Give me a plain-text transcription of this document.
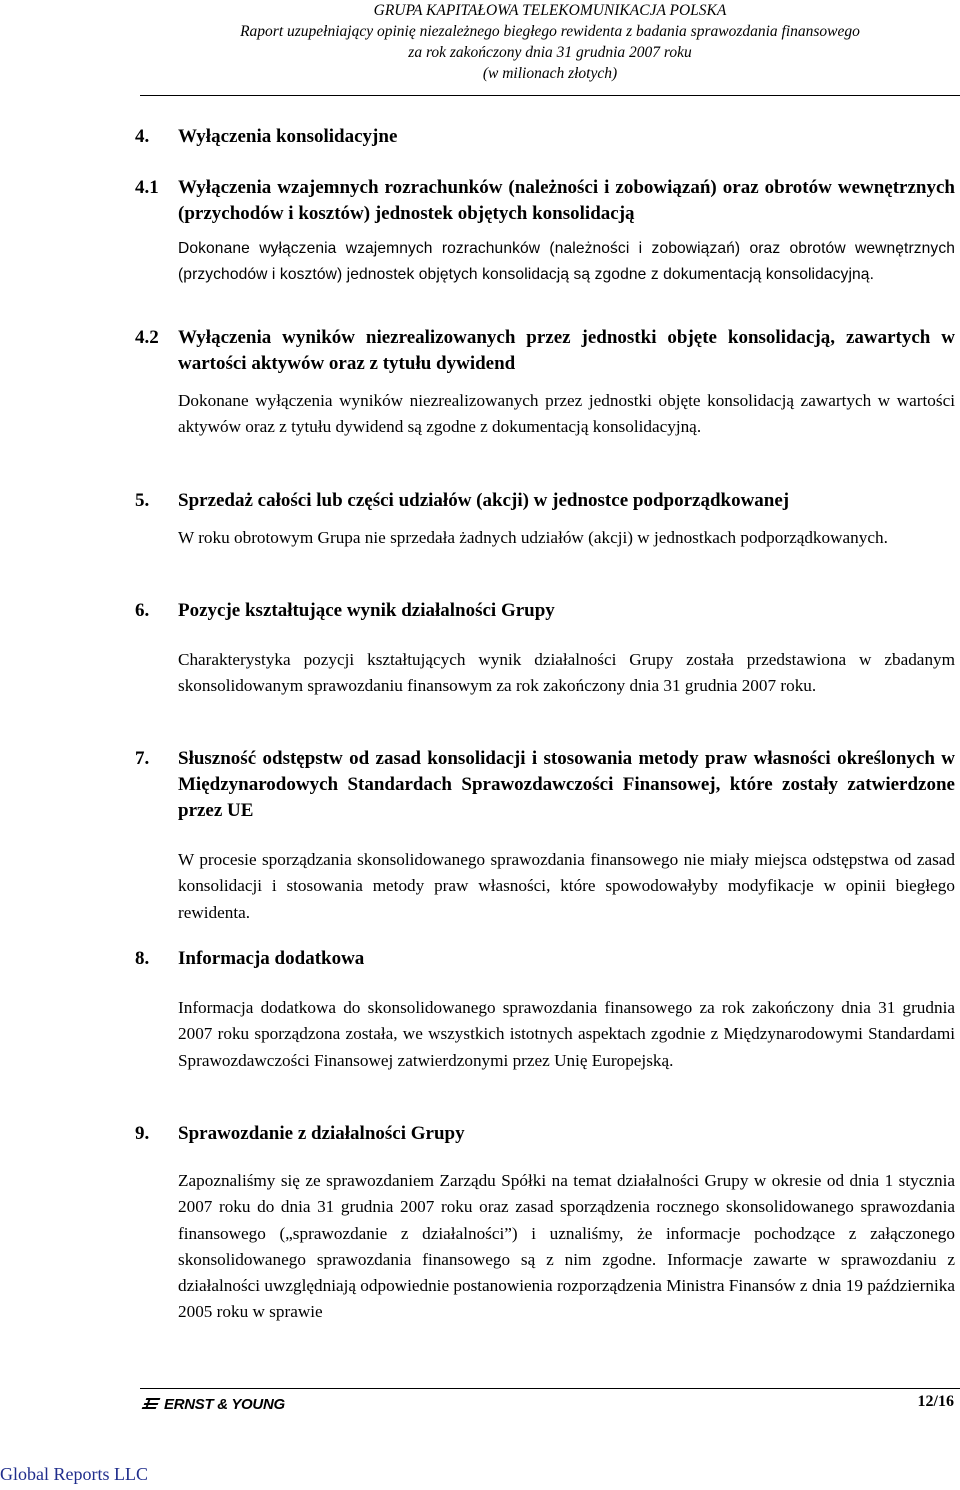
GRUPA KAPITAŁOWA TELEKOMUNIKACJA POLSKA
Raport uzupełniający opinię niezależnego biegłego rewidenta z badania sprawozdania finansowego
za rok zakończony dnia 31 grudnia 2007 roku
(w milionach złotych)
4. Wyłączenia konsolidacyjne
4.1 Wyłączenia wzajemnych rozrachunków (należności i zobowiązań) oraz obrotów wewnętrznych (przychodów i kosztów) jednostek objętych konsolidacją
Dokonane wyłączenia wzajemnych rozrachunków (należności i zobowiązań) oraz obrotów wewnętrznych (przychodów i kosztów) jednostek objętych konsolidacją są zgodne z dokumentacją konsolidacyjną.
4.2 Wyłączenia wyników niezrealizowanych przez jednostki objęte konsolidacją, zawartych w wartości aktywów oraz z tytułu dywidend
Dokonane wyłączenia wyników niezrealizowanych przez jednostki objęte konsolidacją zawartych w wartości aktywów oraz z tytułu dywidend są zgodne z dokumentacją konsolidacyjną.
5. Sprzedaż całości lub części udziałów (akcji) w jednostce podporządkowanej
W roku obrotowym Grupa nie sprzedała żadnych udziałów (akcji) w jednostkach podporządkowanych.
6. Pozycje kształtujące wynik działalności Grupy
Charakterystyka pozycji kształtujących wynik działalności Grupy została przedstawiona w zbadanym skonsolidowanym sprawozdaniu finansowym za rok zakończony dnia 31 grudnia 2007 roku.
7. Słuszność odstępstw od zasad konsolidacji i stosowania metody praw własności określonych w Międzynarodowych Standardach Sprawozdawczości Finansowej, które zostały zatwierdzone przez UE
W procesie sporządzania skonsolidowanego sprawozdania finansowego nie miały miejsca odstępstwa od zasad konsolidacji i stosowania metody praw własności, które spowodowałyby modyfikacje w opinii biegłego rewidenta.
8. Informacja dodatkowa
Informacja dodatkowa do skonsolidowanego sprawozdania finansowego za rok zakończony dnia 31 grudnia 2007 roku sporządzona została, we wszystkich istotnych aspektach zgodnie z Międzynarodowymi Standardami Sprawozdawczości Finansowej zatwierdzonymi przez Unię Europejską.
9. Sprawozdanie z działalności Grupy
Zapoznaliśmy się ze sprawozdaniem Zarządu Spółki na temat działalności Grupy w okresie od dnia 1 stycznia 2007 roku do dnia 31 grudnia 2007 roku oraz zasad sporządzenia rocznego skonsolidowanego sprawozdania finansowego („sprawozdanie z działalności”) i uznaliśmy, że informacje pochodzące z załączonego skonsolidowanego sprawozdania finansowego są z nim zgodne. Informacje zawarte w sprawozdaniu z działalności uwzględniają odpowiednie postanowienia rozporządzenia Ministra Finansów z dnia 19 października 2005 roku w sprawie
ERNST & YOUNG	12/16
Global Reports LLC
